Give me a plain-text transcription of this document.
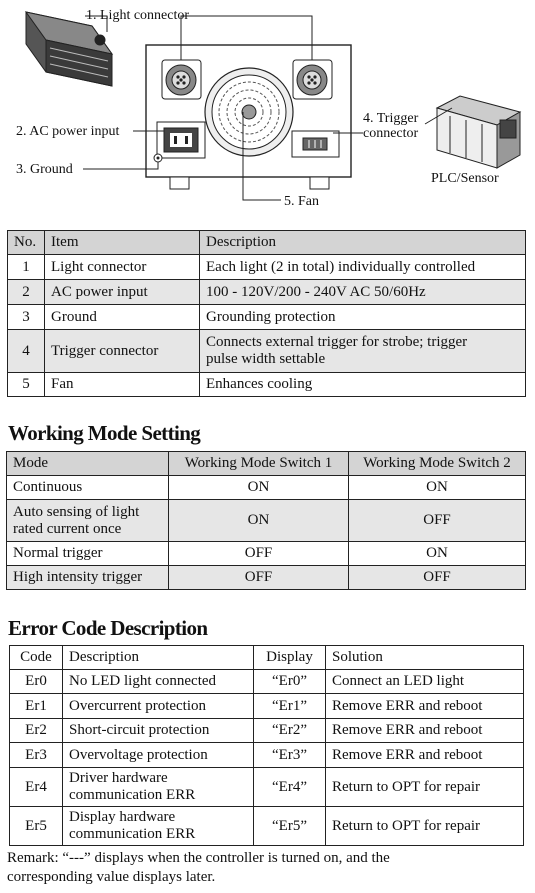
1. Light connector
2. AC power input
3. Ground
4. Trigger
connector
5. Fan
PLC/Sensor
No.	Item	Description
1	Light connector	Each light (2 in total) individually controlled
2	AC power input	100 - 120V/200 - 240V AC 50/60Hz
3	Ground	Grounding protection
4	Trigger connector	Connects external trigger for strobe; trigger
pulse width settable

5	Fan	Enhances cooling
Working Mode Setting
Mode	Working Mode Switch 1	Working Mode Switch 2
Continuous	ON	ON

Auto sensing of light
rated current once	ON	OFF
Normal trigger	OFF	ON
High intensity trigger	OFF	OFF
Error Code Description
Code	Description	Display	Solution
Er0	No LED light connected	“Er0”	Connect an LED light
Er1	Overcurrent protection	“Er1”	Remove ERR and reboot
Er2	Short-circuit protection	“Er2”	Remove ERR and reboot
Er3	Overvoltage protection	“Er3”	Remove ERR and reboot
Er4	Driver hardware
communication ERR	“Er4”	Return to OPT for repair
Er5	Display hardware
communication ERR	“Er5”	Return to OPT for repair
Remark: “---” displays when the controller is turned on, and the
corresponding value displays later.
